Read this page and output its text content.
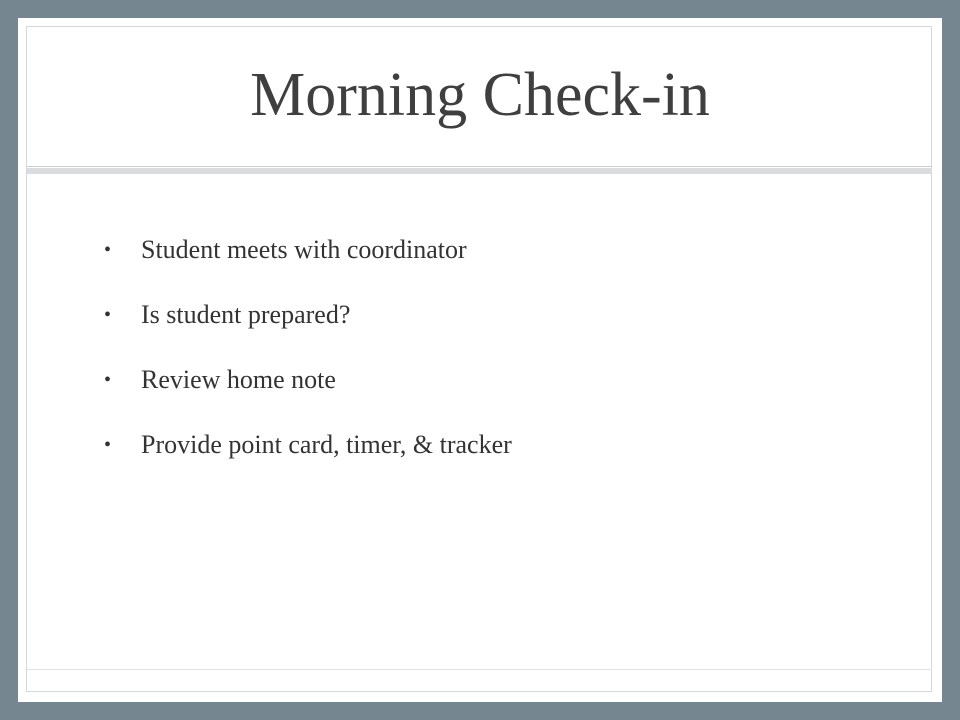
Morning Check-in
• Student meets with coordinator
• Is student prepared?
• Review home note
• Provide point card, timer, & tracker
